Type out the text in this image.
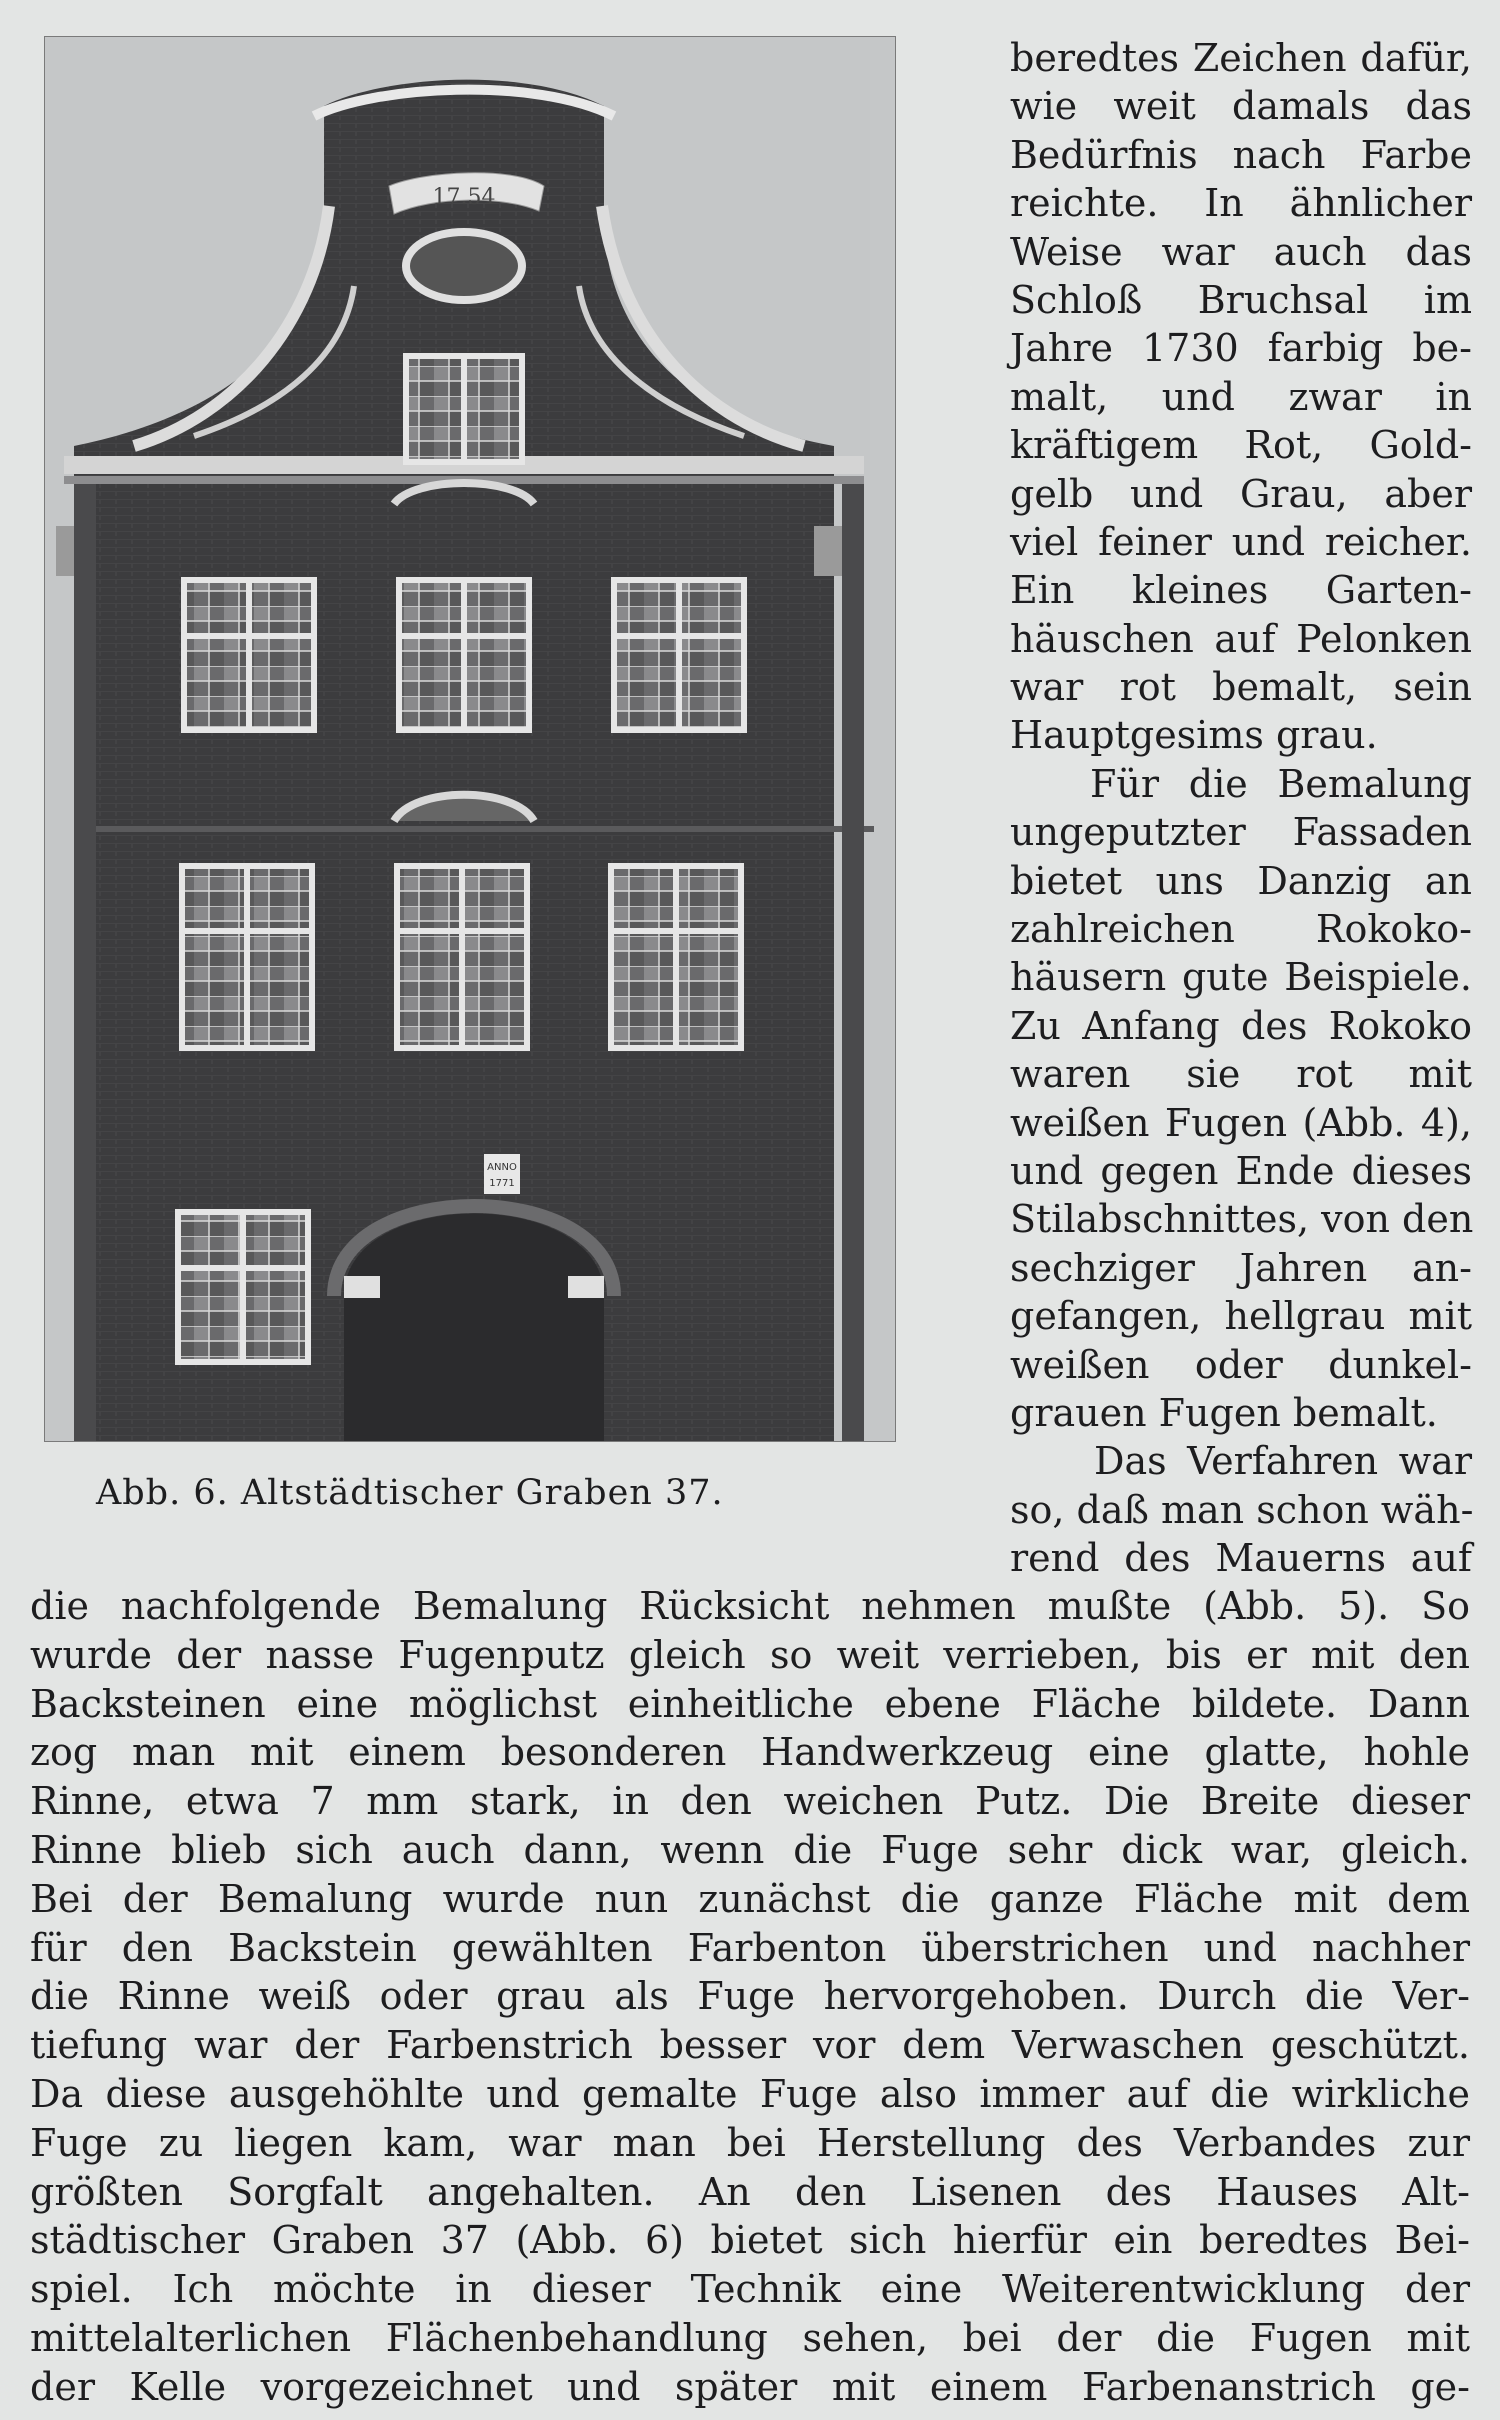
17.54
ANNO
1771
Abb. 6. Altstädtischer Graben 37.
beredtes Zeichen dafür,
wie weit damals das
Bedürfnis nach Farbe
reichte. In ähnlicher
Weise war auch das
Schloß Bruchsal im
Jahre 1730 farbig be-
malt, und zwar in
kräftigem Rot, Gold-
gelb und Grau, aber
viel feiner und reicher.
Ein kleines Garten-
häuschen auf Pelonken
war rot bemalt, sein
Hauptgesims grau.
Für die Bemalung
ungeputzter Fassaden
bietet uns Danzig an
zahlreichen Rokoko-
häusern gute Beispiele.
Zu Anfang des Rokoko
waren sie rot mit
weißen Fugen (Abb. 4),
und gegen Ende dieses
Stilabschnittes, von den
sechziger Jahren an-
gefangen, hellgrau mit
weißen oder dunkel-
grauen Fugen bemalt.
Das Verfahren war
so, daß man schon wäh-
rend des Mauerns auf
die nachfolgende Bemalung Rücksicht nehmen mußte (Abb. 5). So
wurde der nasse Fugenputz gleich so weit verrieben, bis er mit den
Backsteinen eine möglichst einheitliche ebene Fläche bildete. Dann
zog man mit einem besonderen Handwerkzeug eine glatte, hohle
Rinne, etwa 7 mm stark, in den weichen Putz. Die Breite dieser
Rinne blieb sich auch dann, wenn die Fuge sehr dick war, gleich.
Bei der Bemalung wurde nun zunächst die ganze Fläche mit dem
für den Backstein gewählten Farbenton überstrichen und nachher
die Rinne weiß oder grau als Fuge hervorgehoben. Durch die Ver-
tiefung war der Farbenstrich besser vor dem Verwaschen geschützt.
Da diese ausgehöhlte und gemalte Fuge also immer auf die wirkliche
Fuge zu liegen kam, war man bei Herstellung des Verbandes zur
größten Sorgfalt angehalten. An den Lisenen des Hauses Alt-
städtischer Graben 37 (Abb. 6) bietet sich hierfür ein beredtes Bei-
spiel. Ich möchte in dieser Technik eine Weiterentwicklung der
mittelalterlichen Flächenbehandlung sehen, bei der die Fugen mit
der Kelle vorgezeichnet und später mit einem Farbenanstrich ge-
